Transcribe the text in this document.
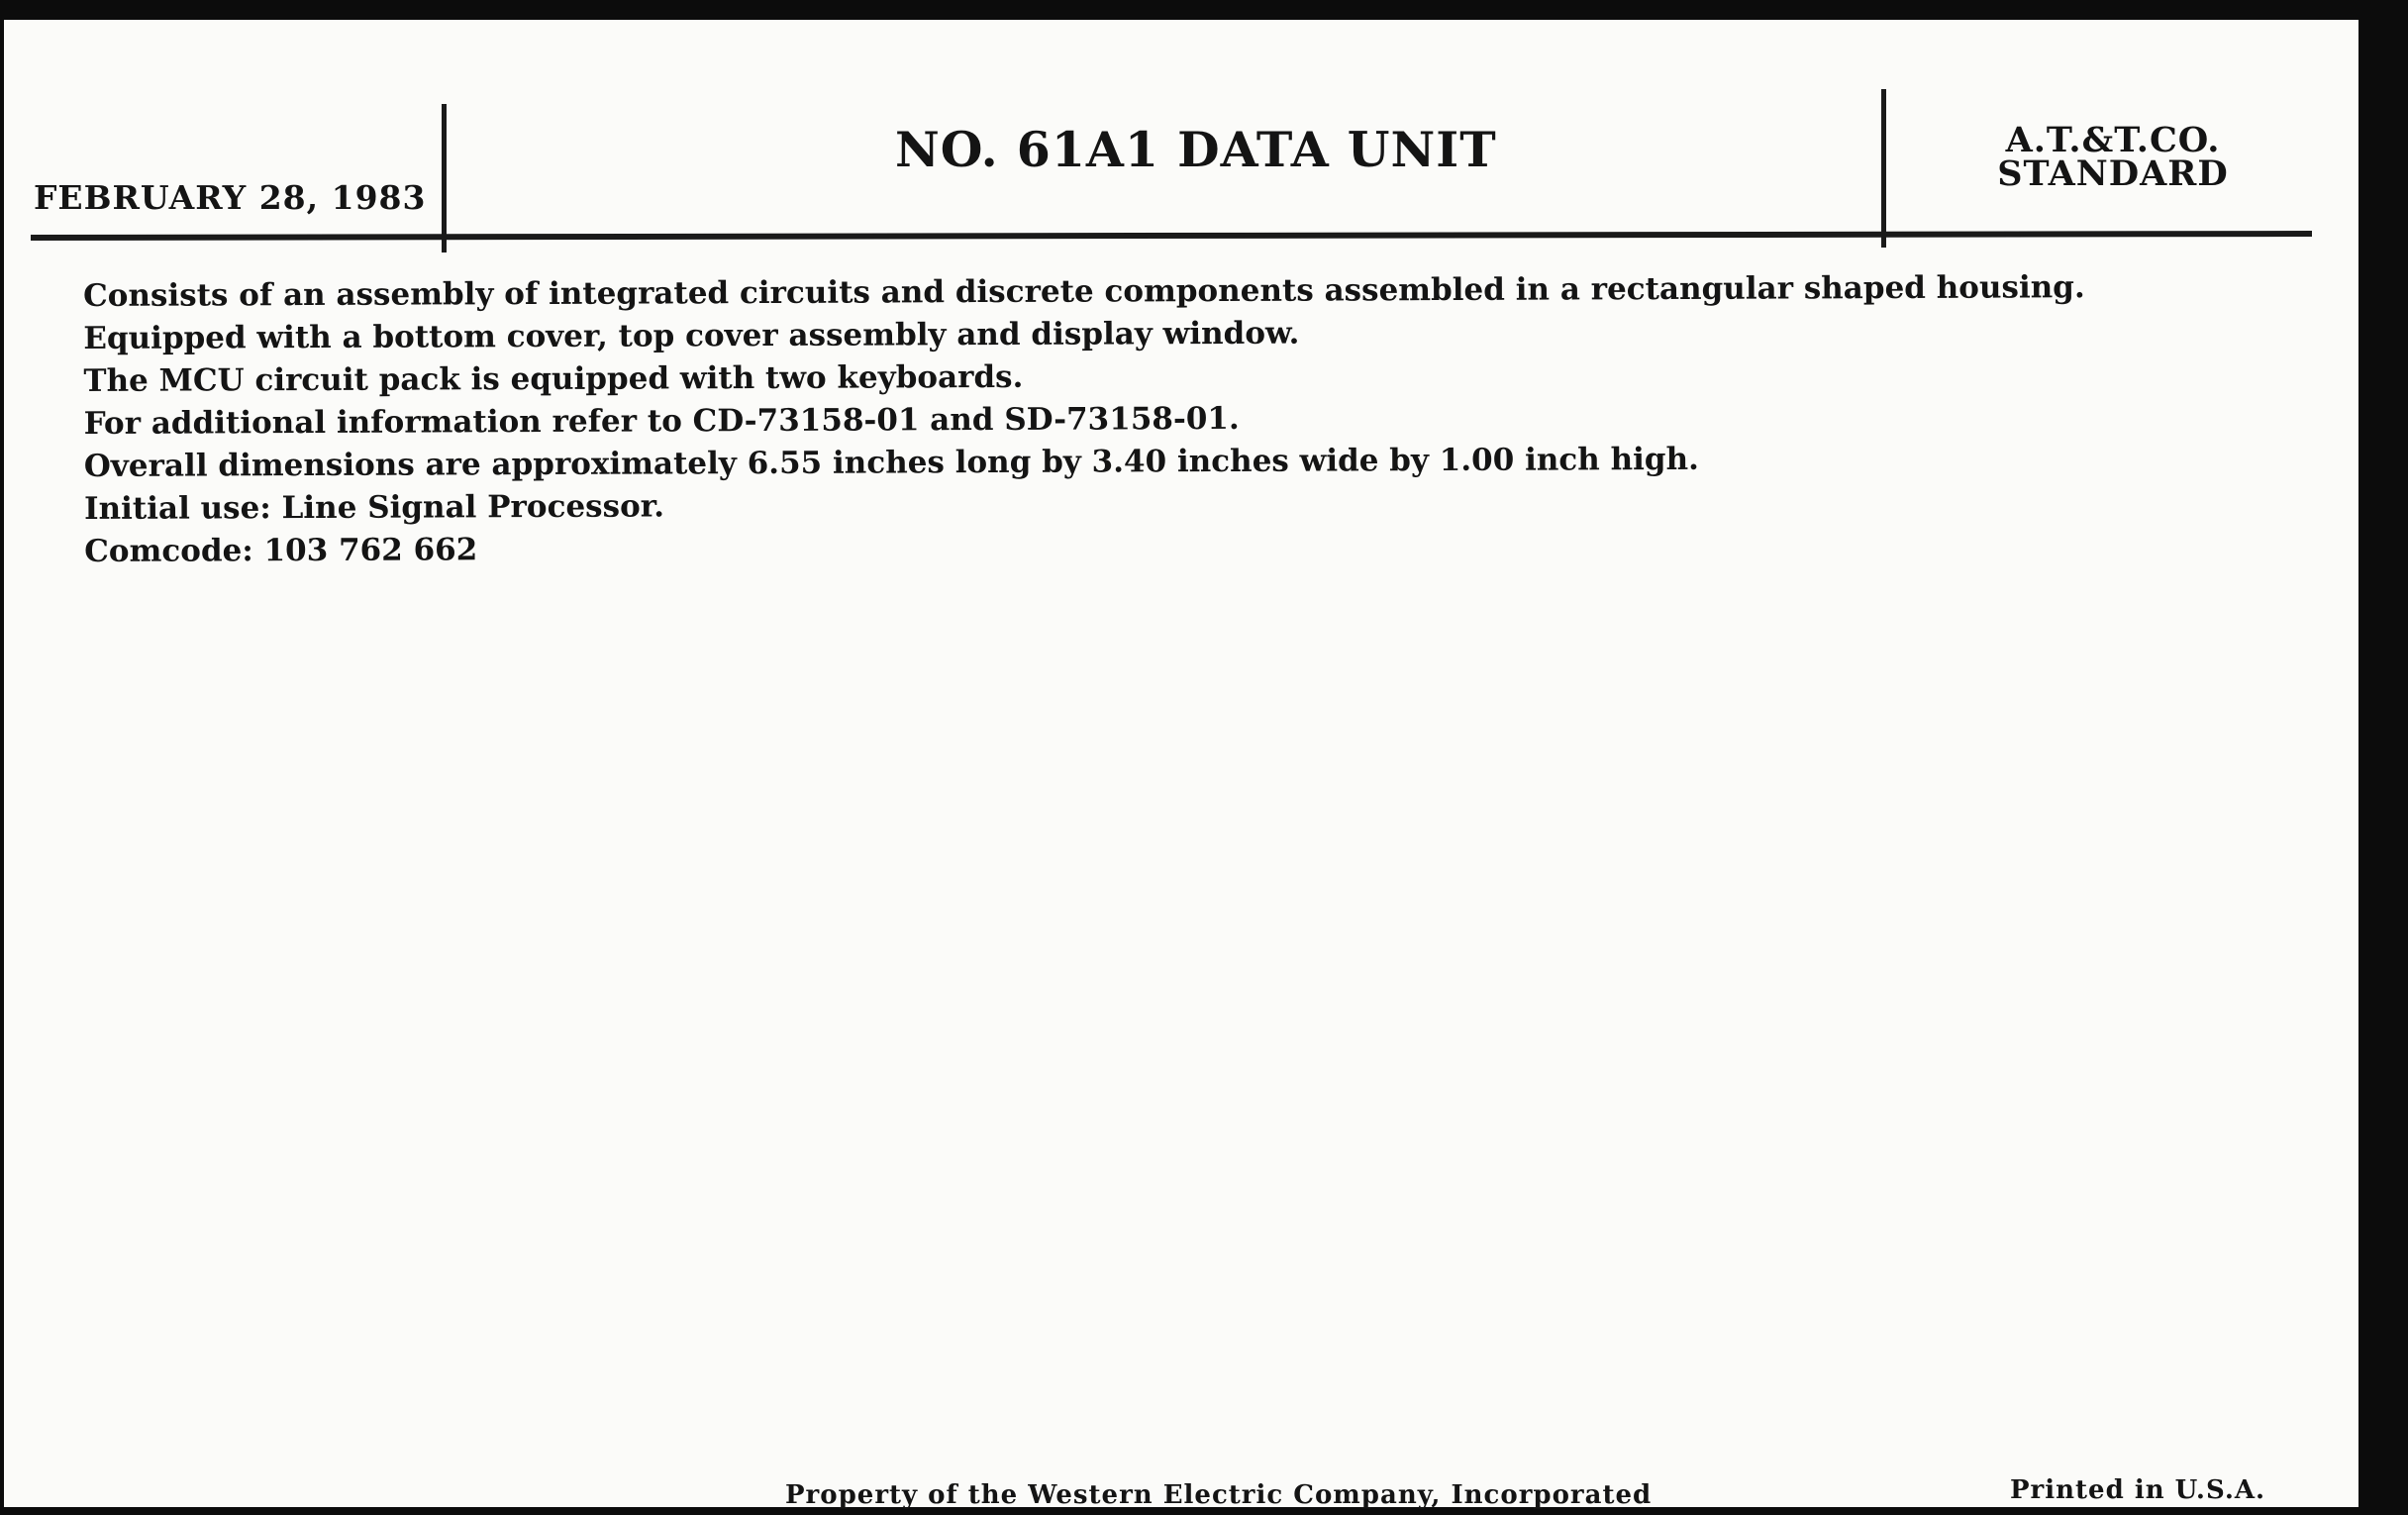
FEBRUARY 28, 1983
NO. 61A1 DATA UNIT	A.T.&T.CO.
STANDARD
Consists of an assembly of integrated circuits and discrete components assembled in a rectangular shaped housing.
Equipped with a bottom cover, top cover assembly and display window.
The MCU circuit pack is equipped with two keyboards.
For additional information refer to CD-73158-01 and SD-73158-01.
Overall dimensions are approximately 6.55 inches long by 3.40 inches wide by 1.00 inch high.
Initial use: Line Signal Processor.
Comcode: 103 762 662
Property of the Western Electric Company, Incorporated	Printed in U.S.A.
